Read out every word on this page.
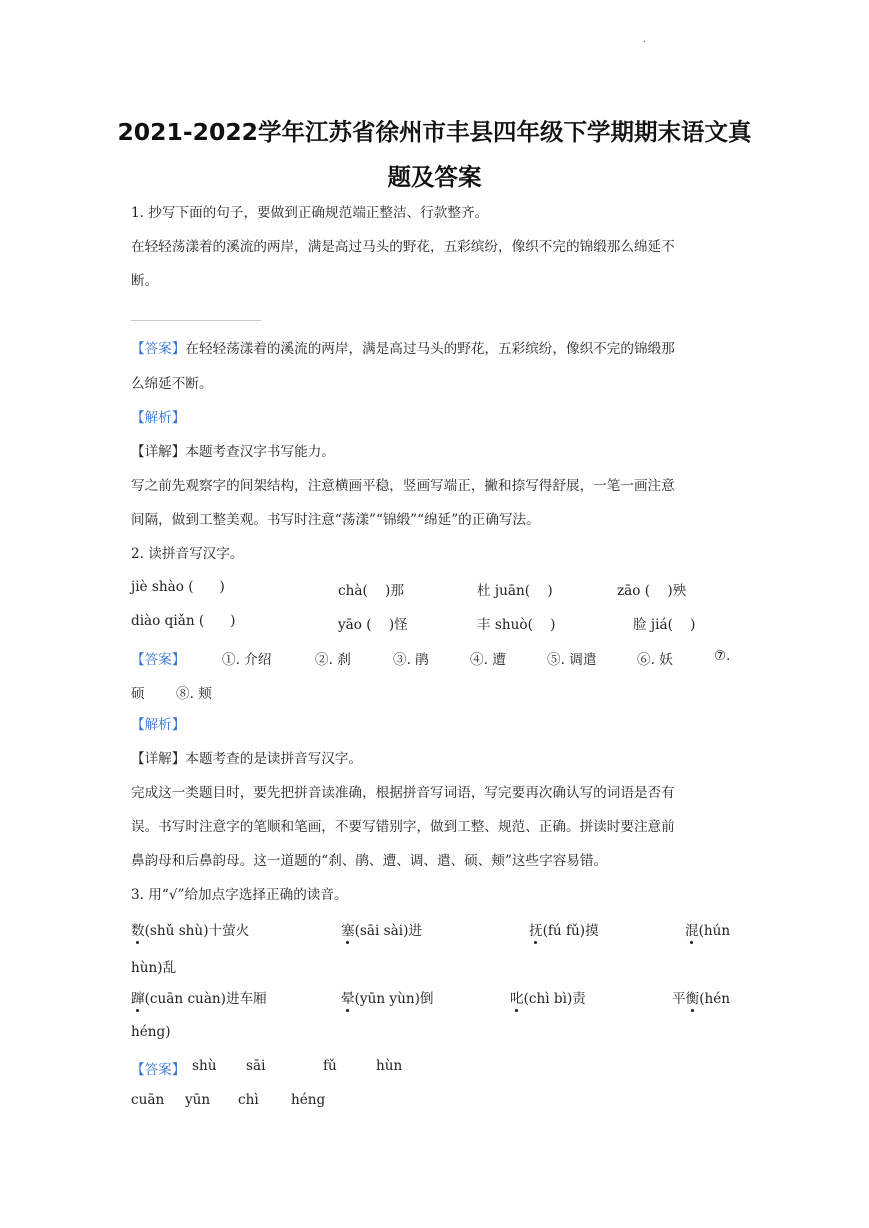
.
2021-2022学年江苏省徐州市丰县四年级下学期期末语文真
题及答案
1. 抄写下面的句子，要做到正确规范端正整洁、行款整齐。
在轻轻荡漾着的溪流的两岸，满是高过马头的野花，五彩缤纷，像织不完的锦缎那么绵延不
断。
【答案】在轻轻荡漾着的溪流的两岸，满是高过马头的野花，五彩缤纷，像织不完的锦缎那
么绵延不断。
【解析】
【详解】本题考查汉字书写能力。
写之前先观察字的间架结构，注意横画平稳，竖画写端正，撇和捺写得舒展，一笔一画注意
间隔，做到工整美观。书写时注意“荡漾”“锦缎”“绵延”的正确写法。
2. 读拼音写汉字。
jiè shào (      )	chà(    )那	杜 juān(    )	zāo (    )殃
diào qiǎn (      )	yāo (    )怪	丰 shuò(    )	脸 jiá(    )
【答案】	①. 介绍	②. 刹	③. 鹃	④. 遭	⑤. 调遣	⑥. 妖	⑦.
硕 ⑧. 颊
【解析】
【详解】本题考查的是读拼音写汉字。
完成这一类题目时，要先把拼音读准确，根据拼音写词语，写完要再次确认写的词语是否有
误。书写时注意字的笔顺和笔画，不要写错别字，做到工整、规范、正确。拼读时要注意前
鼻韵母和后鼻韵母。这一道题的“刹、鹃、遭、调、遣、硕、颊”这些字容易错。
3. 用“√”给加点字选择正确的读音。
数(shǔ shù)十萤火	塞(sāi sài)进	抚(fú fǔ)摸	混(hún
hùn)乱
蹿(cuān cuàn)进车厢	晕(yūn yùn)倒	叱(chì bì)责	平衡(hén
héng)
【答案】 shù sāi	fǔ	hùn
cuān yūn chì héng
